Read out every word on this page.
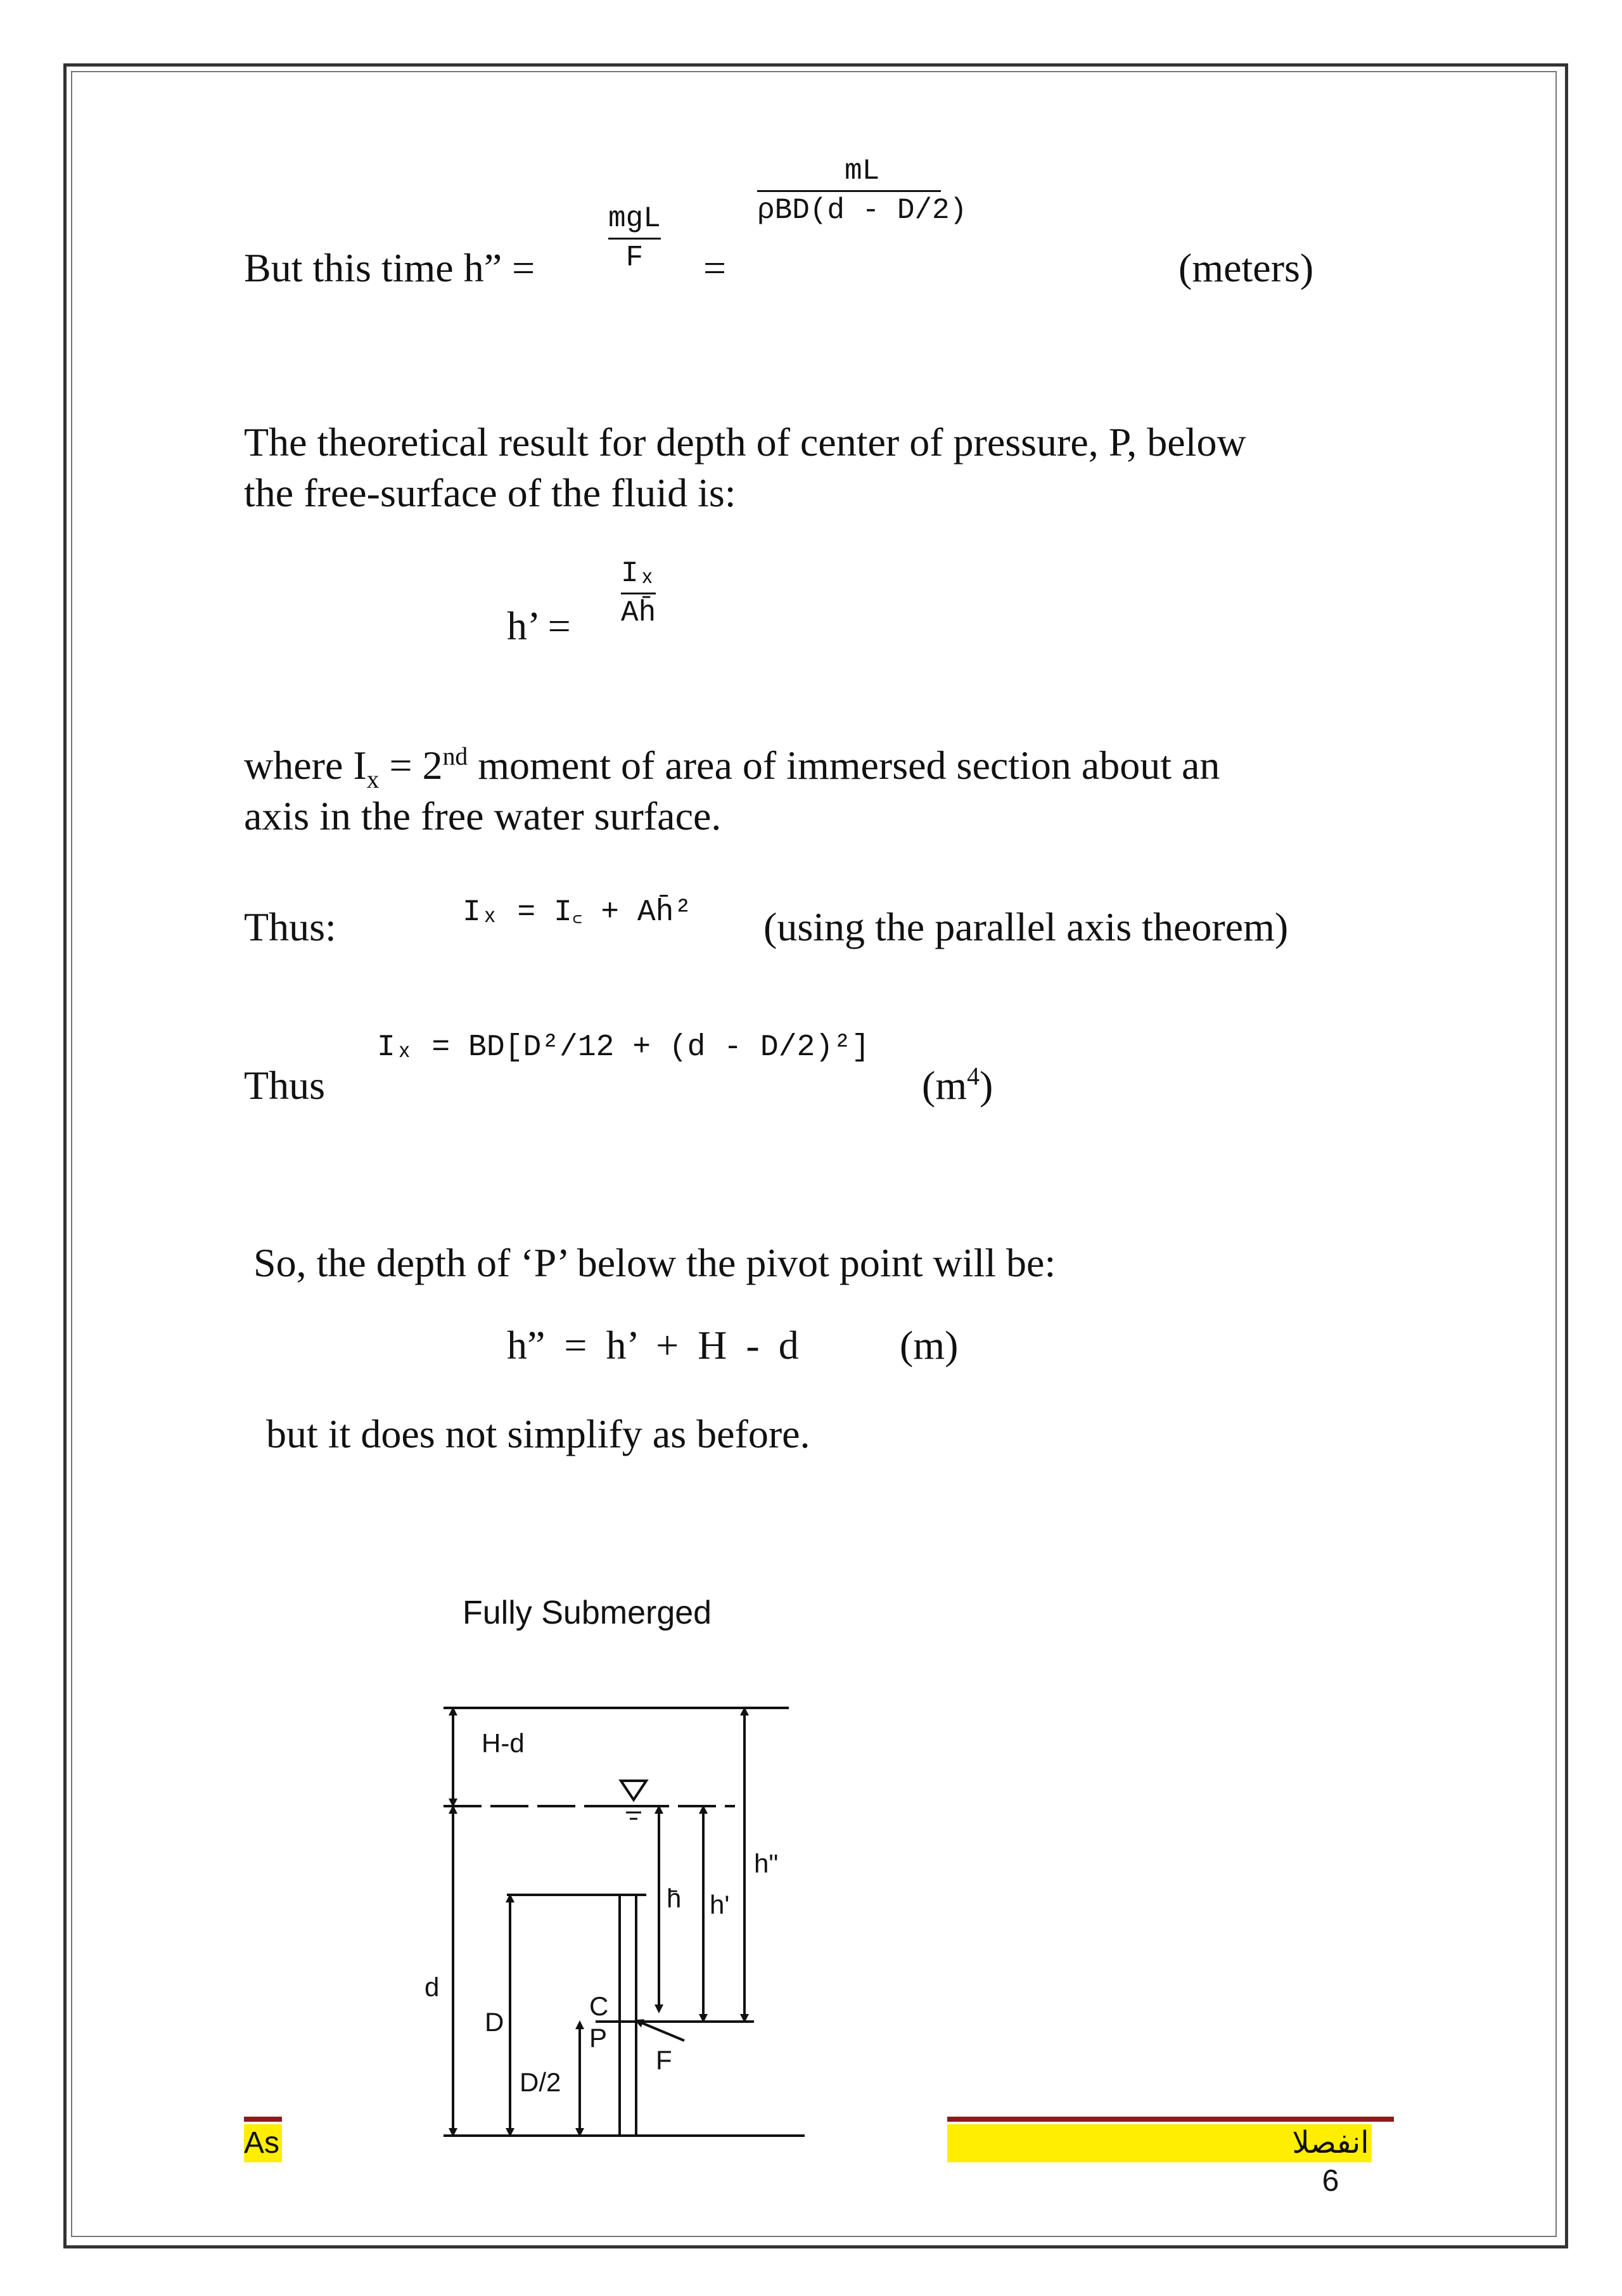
But this time h” =
mgL
F =
mL
ρBD(d - D/2)
(meters)
The theoretical result for depth of center of pressure, P, below
the free-surface of the fluid is:
h’ =
Iₓ
Ah̄
where $I_x = 2nd$ moment of area of immersed section about an
axis in the free water surface.
Thus:	Iₓ = I꜀ + Ah̄² (using the parallel axis theorem)
Thus
Iₓ = BD[D²/12 + (d - D/2)²]
$(m^4)$
So, the depth of ‘P’ below the pivot point will be:
h” = h’ + H - d (m)
but it does not simplify as before.
Fully Submerged
H-d
d
D
D/2
h̄ h'
h"
C
P
F
As	انفصلا 6
